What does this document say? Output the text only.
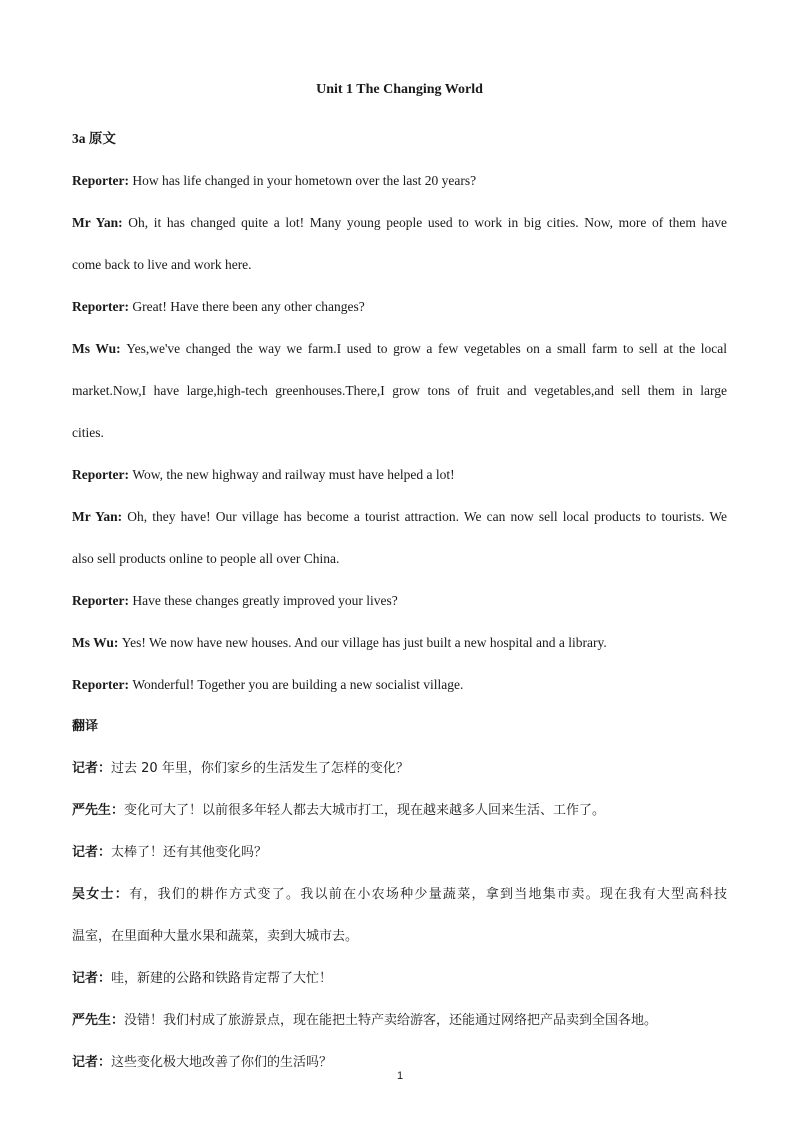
Unit 1 The Changing World
3a 原文
Reporter: How has life changed in your hometown over the last 20 years?
Mr Yan: Oh, it has changed quite a lot! Many young people used to work in big cities. Now, more of them have
come back to live and work here.
Reporter: Great! Have there been any other changes?
Ms Wu: Yes,we've changed the way we farm.I used to grow a few vegetables on a small farm to sell at the local
market.Now,I have large,high-tech greenhouses.There,I grow tons of fruit and vegetables,and sell them in large
cities.
Reporter: Wow, the new highway and railway must have helped a lot!
Mr Yan: Oh, they have! Our village has become a tourist attraction. We can now sell local products to tourists. We
also sell products online to people all over China.
Reporter: Have these changes greatly improved your lives?
Ms Wu: Yes! We now have new houses. And our village has just built a new hospital and a library.
Reporter: Wonderful! Together you are building a new socialist village.
翻译
记者：过去 20 年里，你们家乡的生活发生了怎样的变化？
严先生：变化可大了！以前很多年轻人都去大城市打工，现在越来越多人回来生活、工作了。
记者：太棒了！还有其他变化吗？
吴女士：有，我们的耕作方式变了。我以前在小农场种少量蔬菜，拿到当地集市卖。现在我有大型高科技
温室，在里面种大量水果和蔬菜，卖到大城市去。
记者：哇，新建的公路和铁路肯定帮了大忙！
严先生：没错！我们村成了旅游景点，现在能把土特产卖给游客，还能通过网络把产品卖到全国各地。
记者：这些变化极大地改善了你们的生活吗？
1
